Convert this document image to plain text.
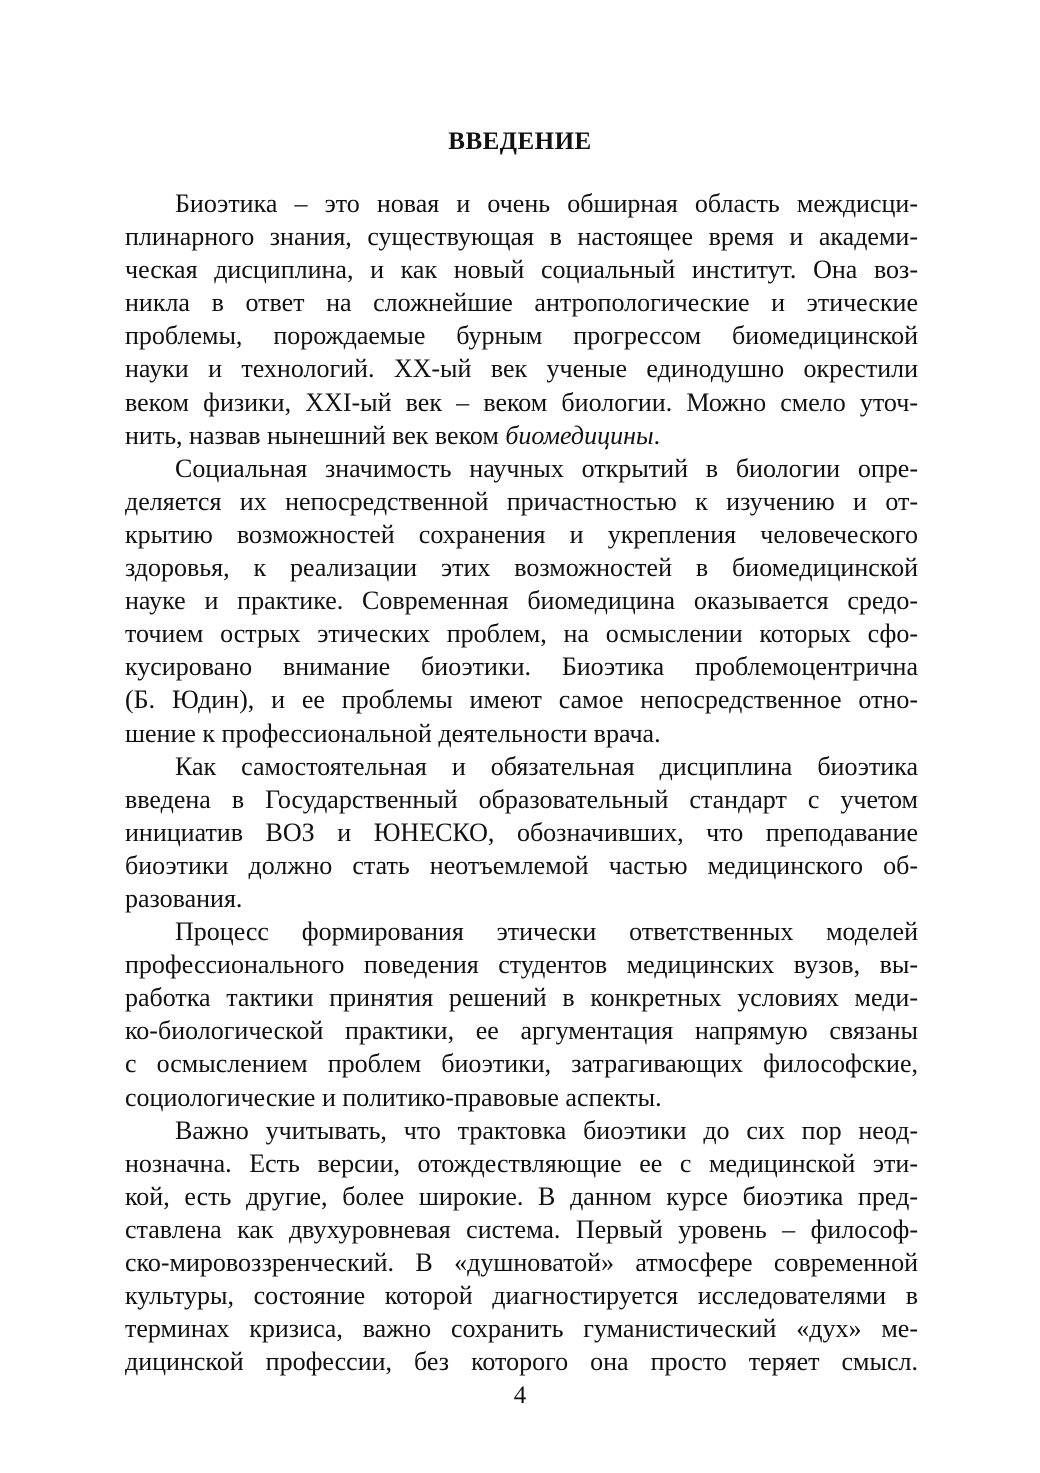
ВВЕДЕНИЕ
Биоэтика – это новая и очень обширная область междисци-
плинарного знания, существующая в настоящее время и академи-
ческая дисциплина, и как новый социальный институт. Она воз-
никла в ответ на сложнейшие антропологические и этические
проблемы, порождаемые бурным прогрессом биомедицинской
науки и технологий. XX-ый век ученые единодушно окрестили
веком физики, XXI-ый век – веком биологии. Можно смело уточ-
нить, назвав нынешний век веком биомедицины.
Социальная значимость научных открытий в биологии опре-
деляется их непосредственной причастностью к изучению и от-
крытию возможностей сохранения и укрепления человеческого
здоровья, к реализации этих возможностей в биомедицинской
науке и практике. Современная биомедицина оказывается средо-
точием острых этических проблем, на осмыслении которых сфо-
кусировано внимание биоэтики. Биоэтика проблемоцентрична
(Б. Юдин), и ее проблемы имеют самое непосредственное отно-
шение к профессиональной деятельности врача.
Как самостоятельная и обязательная дисциплина биоэтика
введена в Государственный образовательный стандарт с учетом
инициатив ВОЗ и ЮНЕСКО, обозначивших, что преподавание
биоэтики должно стать неотъемлемой частью медицинского об-
разования.
Процесс формирования этически ответственных моделей
профессионального поведения студентов медицинских вузов, вы-
работка тактики принятия решений в конкретных условиях меди-
ко-биологической практики, ее аргументация напрямую связаны
с осмыслением проблем биоэтики, затрагивающих философские,
социологические и политико-правовые аспекты.
Важно учитывать, что трактовка биоэтики до сих пор неод-
нозначна. Есть версии, отождествляющие ее с медицинской эти-
кой, есть другие, более широкие. В данном курсе биоэтика пред-
ставлена как двухуровневая система. Первый уровень – философ-
ско-мировоззренческий. В «душноватой» атмосфере современной
культуры, состояние которой диагностируется исследователями в
терминах кризиса, важно сохранить гуманистический «дух» ме-
дицинской профессии, без которого она просто теряет смысл.
4
